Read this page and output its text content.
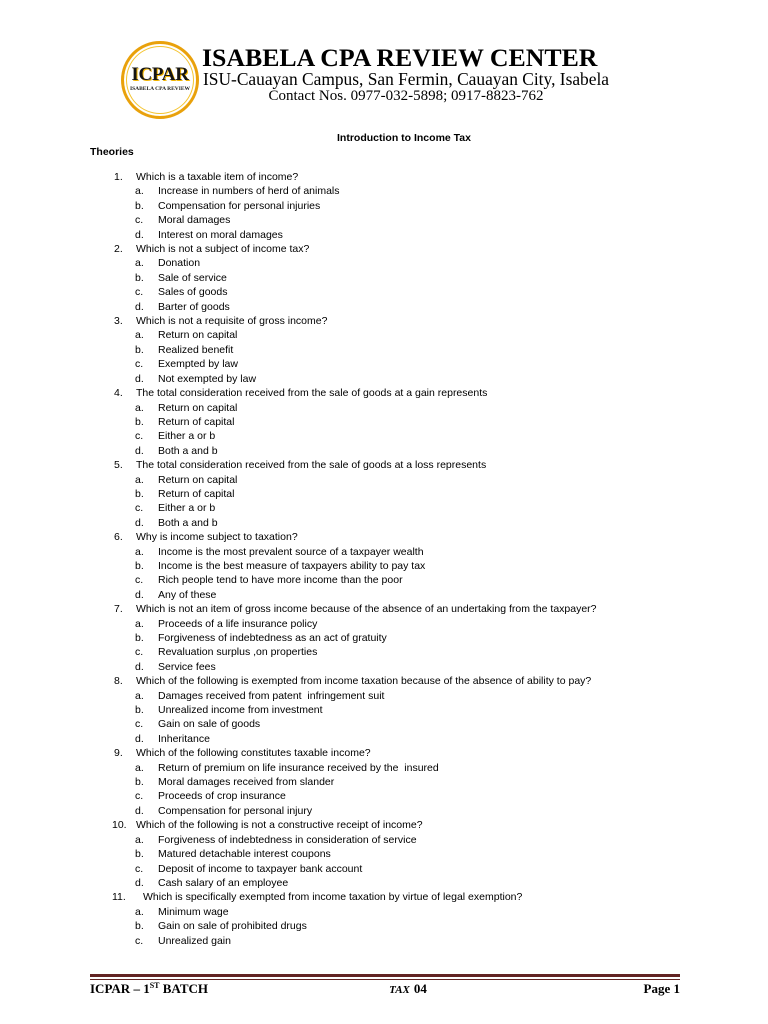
ICPAR
ISABELA CPA REVIEW
ISABELA CPA REVIEW CENTER
ISU-Cauayan Campus, San Fermin, Cauayan City, Isabela
Contact Nos. 0977-032-5898; 0917-8823-762
Introduction to Income Tax
Theories
1. Which is a taxable item of income?
a. Increase in numbers of herd of animals
b. Compensation for personal injuries
c. Moral damages
d. Interest on moral damages
2. Which is not a subject of income tax?
a. Donation
b. Sale of service
c. Sales of goods
d. Barter of goods
3. Which is not a requisite of gross income?
a. Return on capital
b. Realized benefit
c. Exempted by law
d. Not exempted by law
4. The total consideration received from the sale of goods at a gain represents
a. Return on capital
b. Return of capital
c. Either a or b
d. Both a and b
5. The total consideration received from the sale of goods at a loss represents
a. Return on capital
b. Return of capital
c. Either a or b
d. Both a and b
6. Why is income subject to taxation?
a. Income is the most prevalent source of a taxpayer wealth
b. Income is the best measure of taxpayers ability to pay tax
c. Rich people tend to have more income than the poor
d. Any of these
7. Which is not an item of gross income because of the absence of an undertaking from the taxpayer?
a. Proceeds of a life insurance policy
b. Forgiveness of indebtedness as an act of gratuity
c. Revaluation surplus ,on properties
d. Service fees
8. Which of the following is exempted from income taxation because of the absence of ability to pay?
a. Damages received from patent  infringement suit
b. Unrealized income from investment
c. Gain on sale of goods
d. Inheritance
9. Which of the following constitutes taxable income?
a. Return of premium on life insurance received by the  insured
b. Moral damages received from slander
c. Proceeds of crop insurance
d. Compensation for personal injury
10. Which of the following is not a constructive receipt of income?
a. Forgiveness of indebtedness in consideration of service
b. Matured detachable interest coupons
c. Deposit of income to taxpayer bank account
d. Cash salary of an employee
11. Which is specifically exempted from income taxation by virtue of legal exemption?
a. Minimum wage
b. Gain on sale of prohibited drugs
c. Unrealized gain
ICPAR – 1ST BATCH	TAX 04	Page 1
